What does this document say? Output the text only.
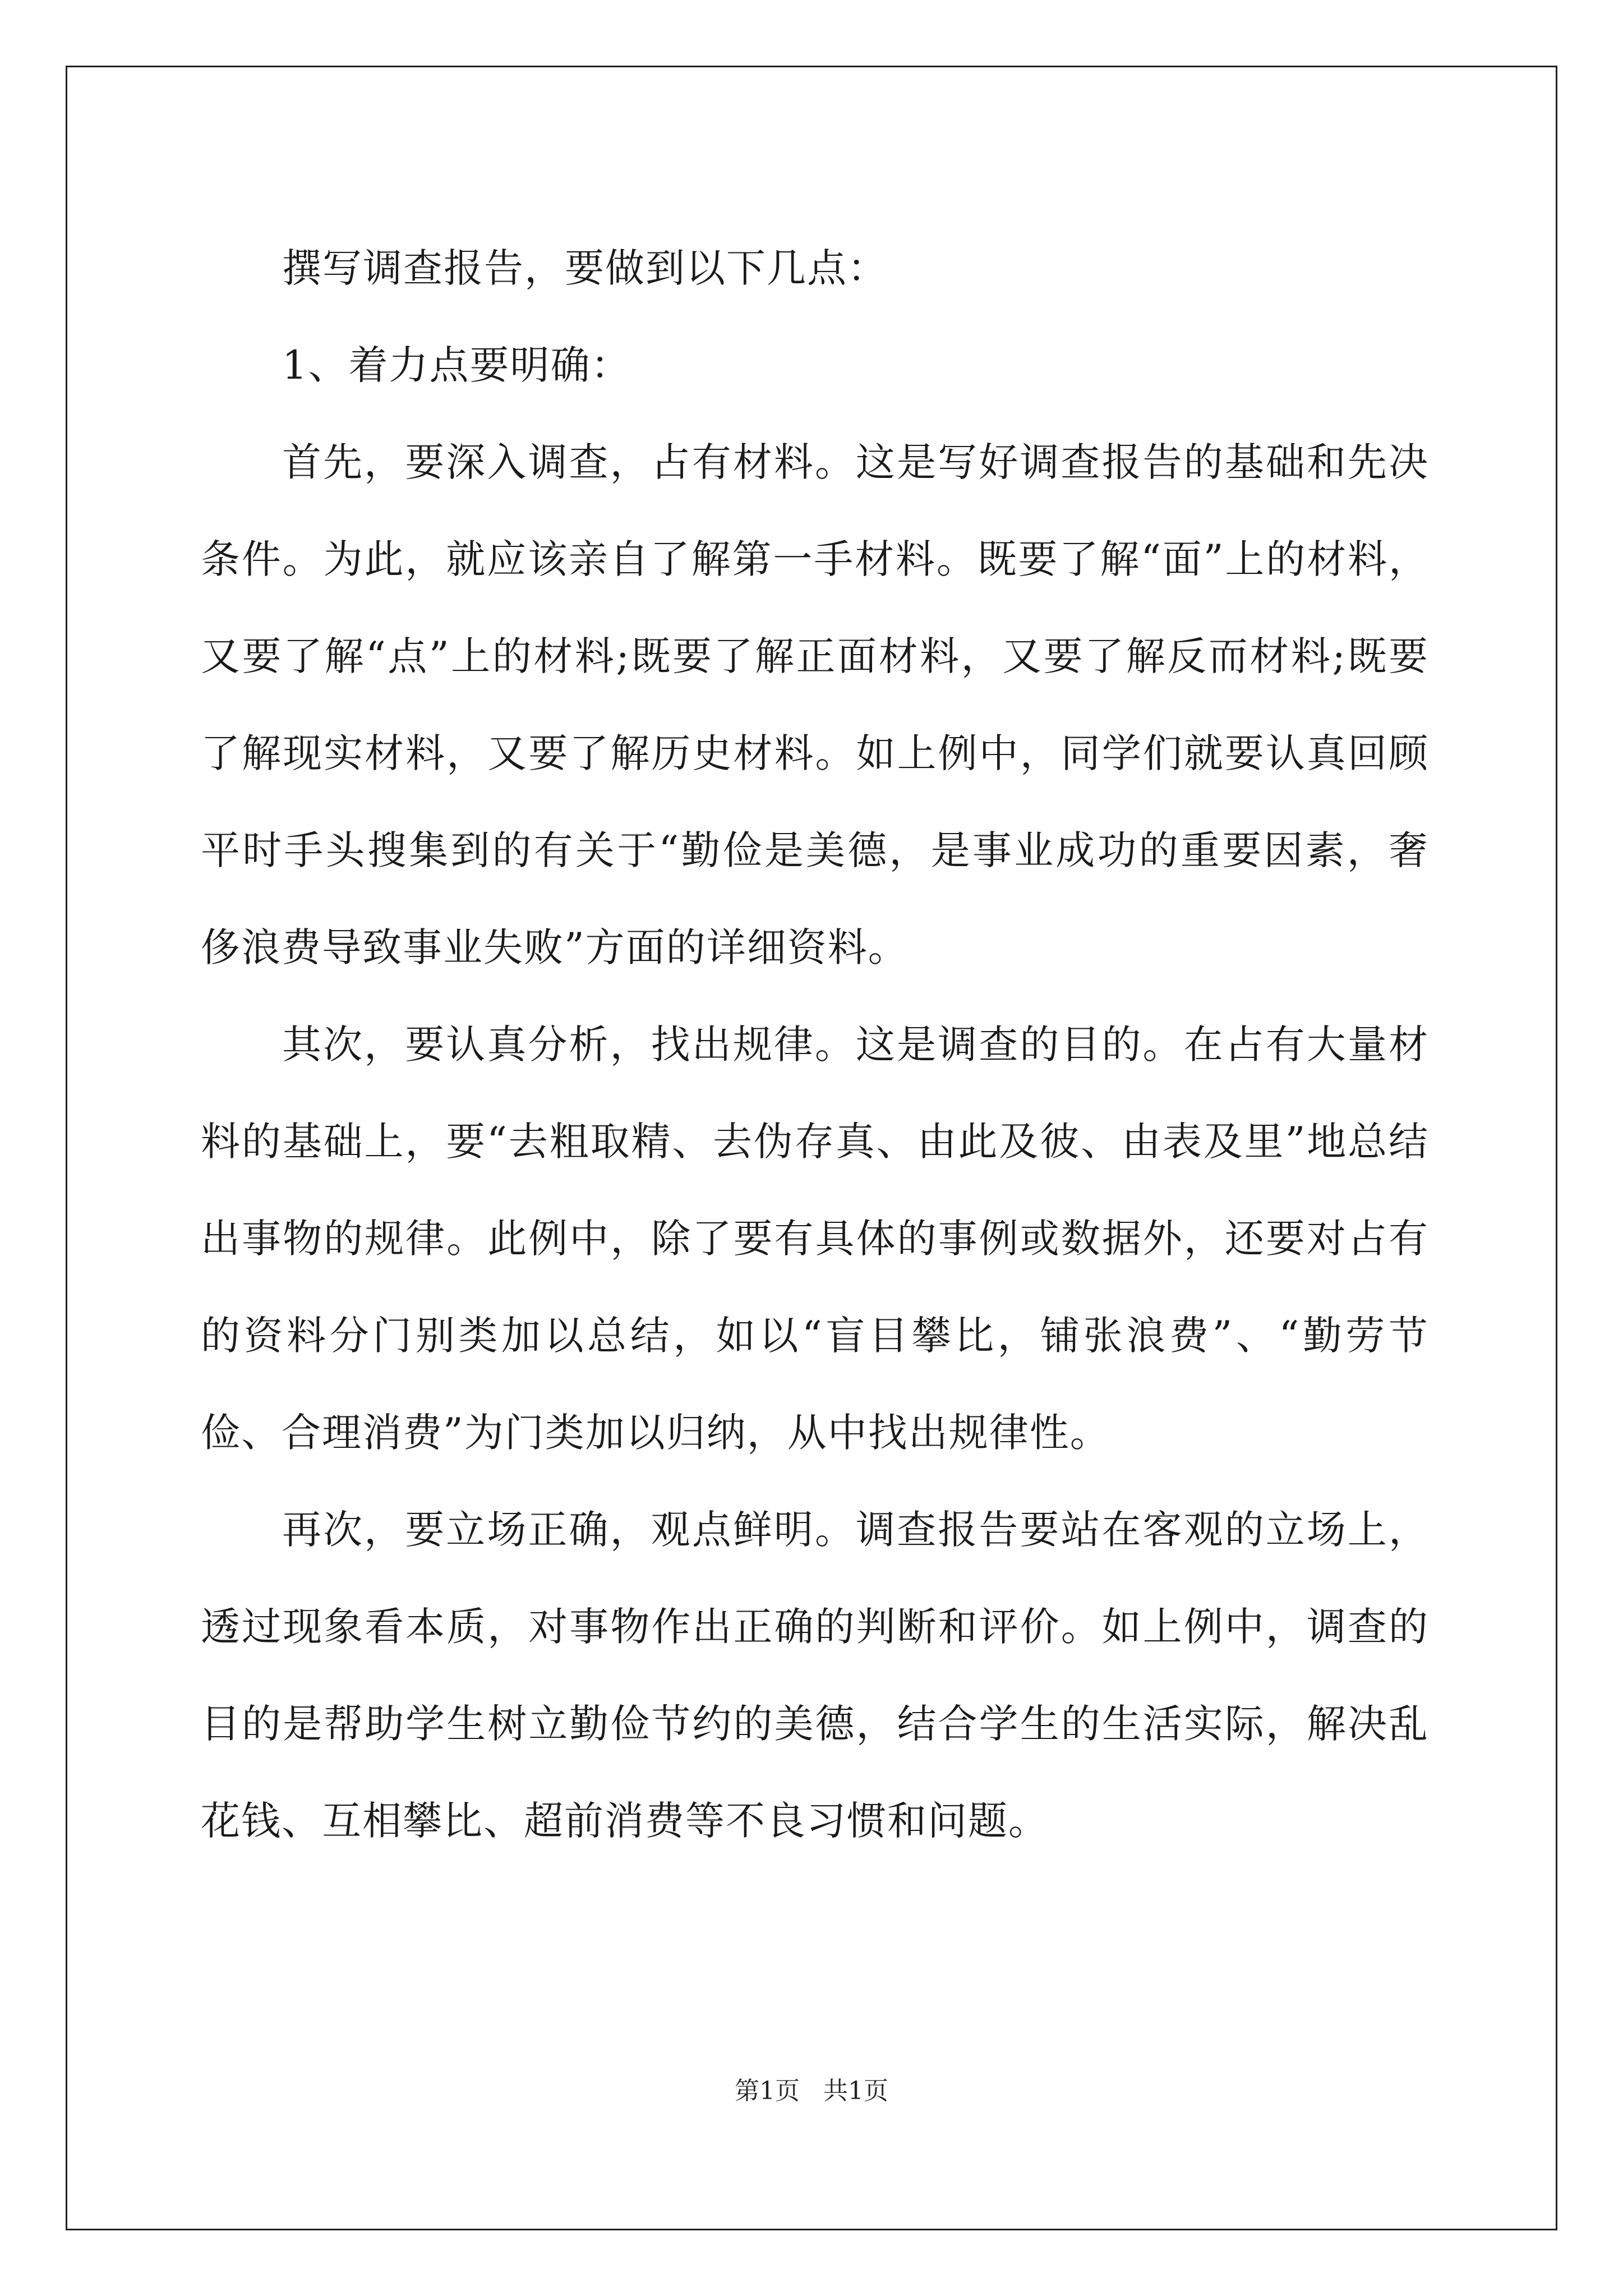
撰写调查报告，要做到以下几点：

1、着力点要明确：

首先，要深入调查，占有材料。这是写好调查报告的基础和先决条件。为此，就应该亲自了解第一手材料。既要了解“面”上的材料，又要了解“点”上的材料;既要了解正面材料，又要了解反而材料;既要了解现实材料，又要了解历史材料。如上例中，同学们就要认真回顾平时手头搜集到的有关于“勤俭是美德，是事业成功的重要因素，奢侈浪费导致事业失败”方面的详细资料。

其次，要认真分析，找出规律。这是调查的目的。在占有大量材料的基础上，要“去粗取精、去伪存真、由此及彼、由表及里”地总结出事物的规律。此例中，除了要有具体的事例或数据外，还要对占有的资料分门别类加以总结，如以“盲目攀比，铺张浪费”、“勤劳节俭、合理消费”为门类加以归纳，从中找出规律性。

再次，要立场正确，观点鲜明。调查报告要站在客观的立场上，透过现象看本质，对事物作出正确的判断和评价。如上例中，调查的目的是帮助学生树立勤俭节约的美德，结合学生的生活实际，解决乱花钱、互相攀比、超前消费等不良习惯和问题。

第1页   共1页
